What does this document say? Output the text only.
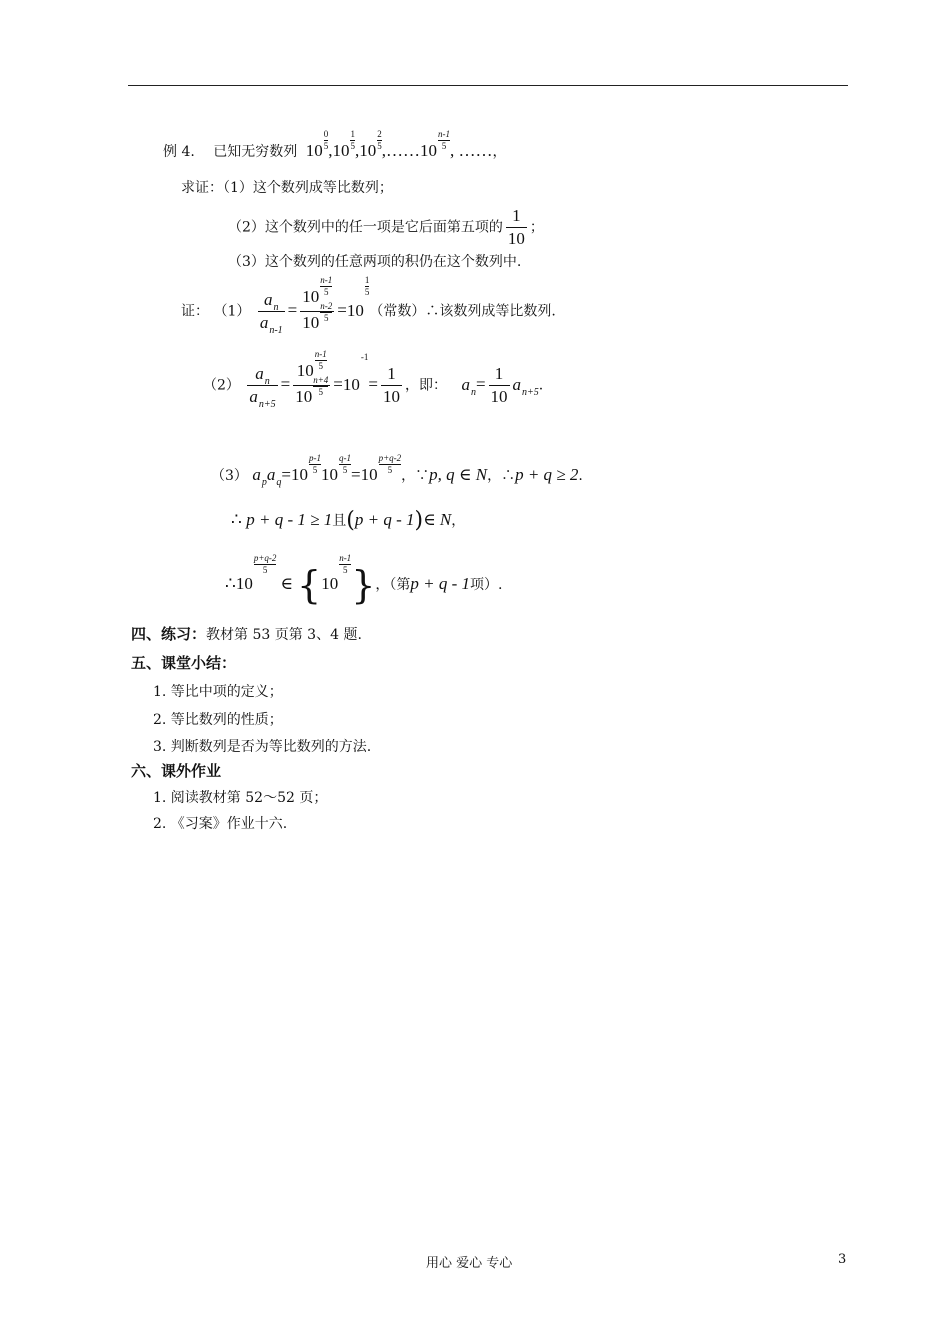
例 4. 已知无穷数列 $10 \frac{0}{5} ,10 \frac{1}{5} ,10 \frac{2}{5}$ ,……10 $\frac{n-1}{5}$ , ……，
求证：（1）这个数列成等比数列；
（2）这个数列中的任一项是它后面第五项的 $\frac{1}{10}$ ；
（3）这个数列的任意两项的积仍在这个数列中.
证： $(1) \frac{a_n}{a_{n-1}} = \frac{10 \frac{n-1}{5}}{10 \frac{n-2}{5}} =10$
$\frac{1}{5}$
（常数）∴该数列成等比数列.
$(2) \frac{a_n}{a_{n+5}} = \frac{10 \frac{n-1}{5}}{10 \frac{n+4}{5}} =10-1= \frac{1}{10}$ ，即： $a_n= \frac{1}{10} a_{n+5}$.
（3） $a_pa_q=10 \frac{p-1}{5} 10 \frac{q-1}{5} =10 \frac{p+q-2}{5}$
，∵p, q ∈ N，∴p + q ≥ 2.
∴ p + q - 1 ≥ 1且(p + q - 1)∈ N，
∴10
$\frac{p+q-2}{5}$
∈ {10
$\frac{n-1}{5}$ }，（第p + q - 1项）.
四、练习：教材第 53 页第 3、4 题.
五、课堂小结：
1. 等比中项的定义；
2. 等比数列的性质；
3. 判断数列是否为等比数列的方法.
六、课外作业
1. 阅读教材第 52～52 页；
2. 《习案》作业十六.
用心 爱心 专心	3
